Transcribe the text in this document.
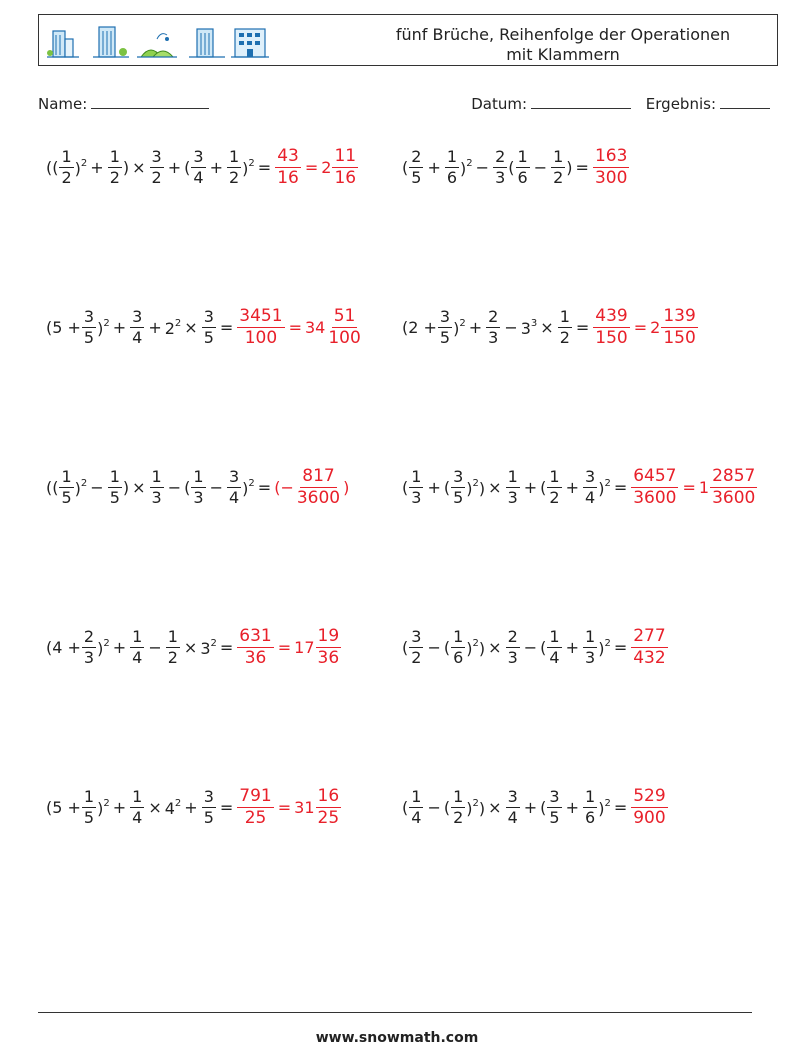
fünf Brüche, Reihenfolge der Operationen
mit Klammern
Name:	Datum:	Ergebnis:
(( $\frac{1}{2} )^2 + \frac{1}{2}$ ) × $\frac{3}{2}$ + ( $\frac{3}{4} + \frac{1}{2} )^2 = \frac{43}{16} = 2 \frac{11}{16}$	( $\frac{2}{5} + \frac{1}{6} )^2 - \frac{2}{3}$ ( $\frac{1}{6} - \frac{1}{2}$ ) = $\frac{163}{300}$
$(5 + \frac{3}{5} )^2 + \frac{3}{4} + 2^2 \times \frac{3}{5} = \frac{3451}{100} = 34 \frac{51}{100} (2 + \frac{3}{5} )^2 + \frac{2}{3} - 3^3 \times \frac{1}{2} = \frac{439}{150} = 2 \frac{139}{150}$
(( $\frac{1}{5} )^2 - \frac{1}{5}$ ) × $\frac{1}{3}$ − ( $\frac{1}{3} - \frac{3}{4} )^2$ = (− $\frac{817}{3600}$ )	( $\frac{1}{3}$ + ( $\frac{3}{5} )^2) \times \frac{1}{3}$ + ( $\frac{1}{2} + \frac{3}{4} )^2 = \frac{6457}{3600} = 1 \frac{2857}{3600}$
$(4 + \frac{2}{3} )^2 + \frac{1}{4} - \frac{1}{2} \times 3^2 = \frac{631}{36} = 17 \frac{19}{36}$	( $\frac{3}{2}$ − ( $\frac{1}{6} )^2) \times \frac{2}{3}$ − ( $\frac{1}{4} + \frac{1}{3} )^2 = \frac{277}{432}$
$(5 + \frac{1}{5} )^2 + \frac{1}{4} \times 4^2 + \frac{3}{5} = \frac{791}{25} = 31 \frac{16}{25}$	( $\frac{1}{4}$ − ( $\frac{1}{2} )^2) \times \frac{3}{4}$ + ( $\frac{3}{5} + \frac{1}{6} )^2 = \frac{529}{900}$
www.snowmath.com
